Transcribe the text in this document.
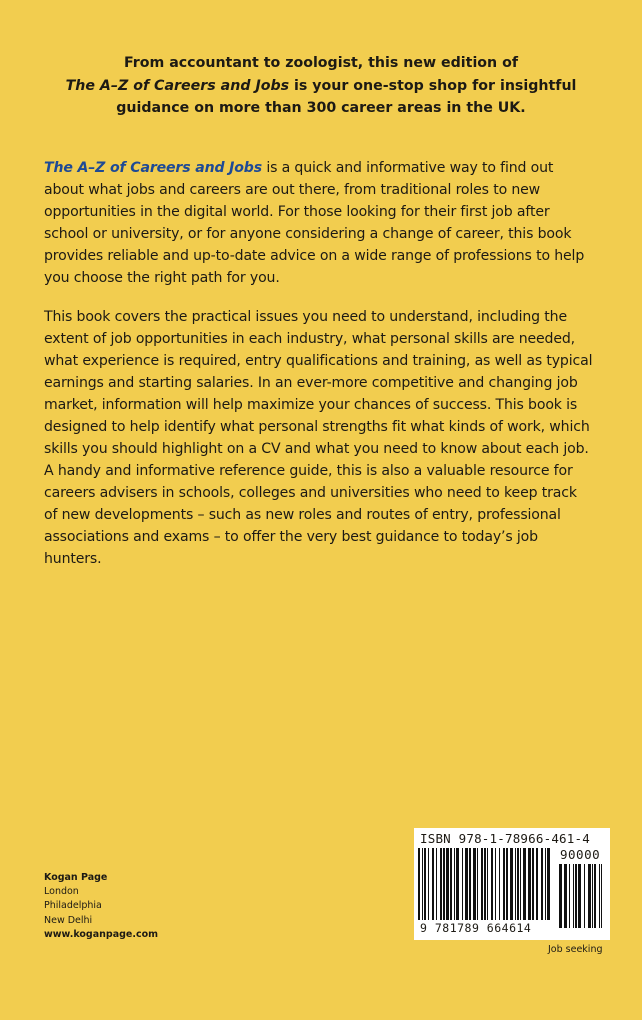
From accountant to zoologist, this new edition of
The A–Z of Careers and Jobs is your one-stop shop for insightful guidance on more than 300 career areas in the UK.

The A–Z of Careers and Jobs is a quick and informative way to find out about what jobs and careers are out there, from traditional roles to new opportunities in the digital world. For those looking for their first job after school or university, or for anyone considering a change of career, this book provides reliable and up-to-date advice on a wide range of professions to help you choose the right path for you.

This book covers the practical issues you need to understand, including the extent of job opportunities in each industry, what personal skills are needed, what experience is required, entry qualifications and training, as well as typical earnings and starting salaries. In an ever-more competitive and changing job market, information will help maximize your chances of success. This book is designed to help identify what personal strengths fit what kinds of work, which skills you should highlight on a CV and what you need to know about each job. A handy and informative reference guide, this is also a valuable resource for careers advisers in schools, colleges and universities who need to keep track of new developments – such as new roles and routes of entry, professional associations and exams – to offer the very best guidance to today’s job hunters.

Kogan Page
London
Philadelphia
New Delhi
www.koganpage.com
ISBN 978-1-78966-461-4
90000
9 781789 664614
Job seeking
